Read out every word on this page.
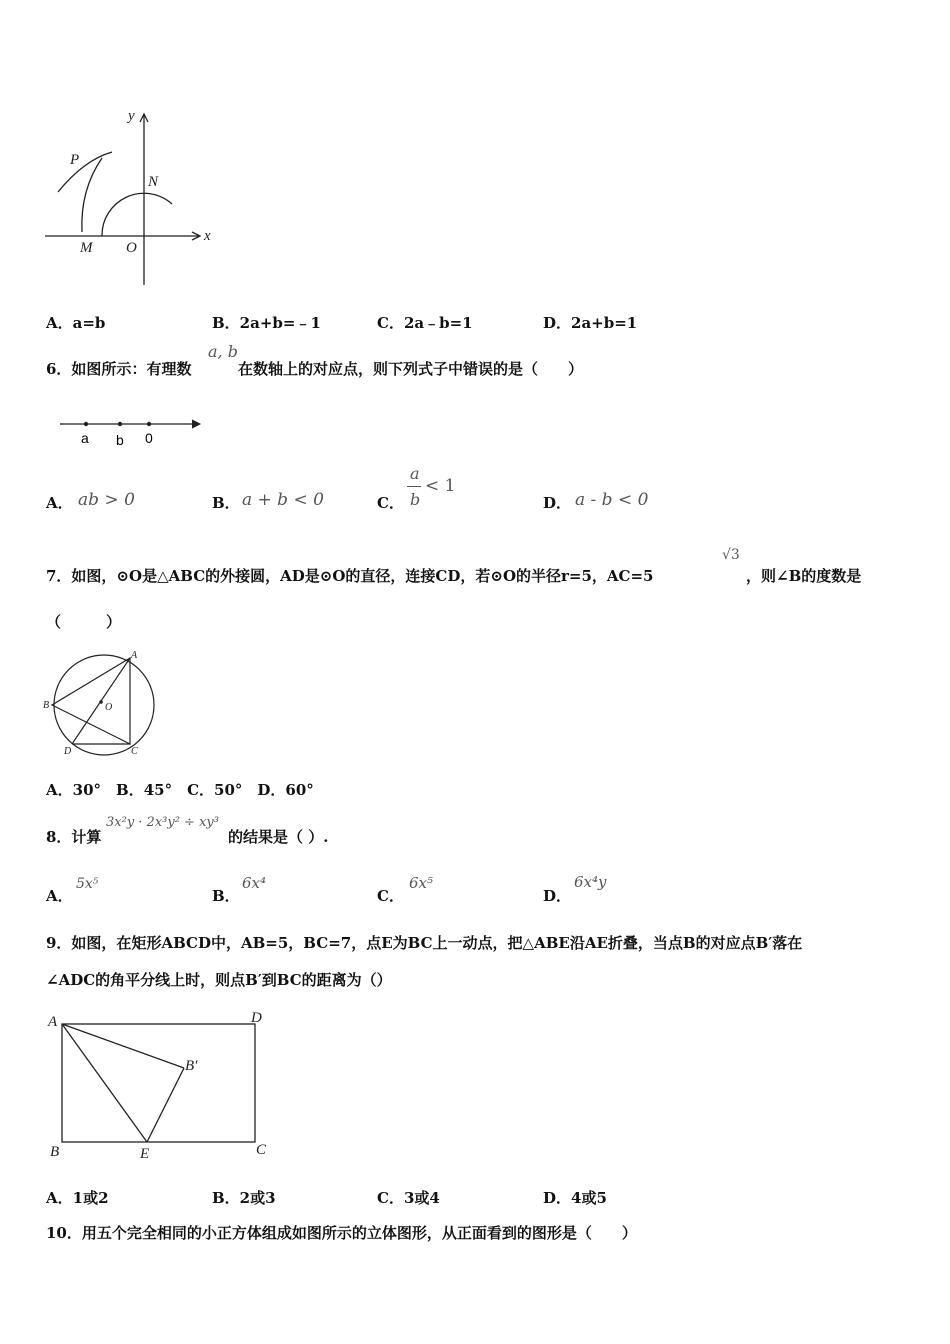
y
x
P
N
M O
A．a=b	B．2a+b=﹣1	C．2a﹣b=1	D．2a+b=1
6．如图所示：有理数
a, b
在数轴上的对应点，则下列式子中错误的是（　　）
a b 0
A． ab > 0	B． a + b < 0	C．
a
b
< 1
D． a - b < 0
7．如图，⊙O是△ABC的外接圆，AD是⊙O的直径，连接CD，若⊙O的半径r=5，AC=5
√3
，则∠B的度数是
（　　　）
A
B
C
D
O
A．30°　B．45°　C．50°　D．60°
8．计算
3x²y · 2x³y² ÷ xy³
的结果是（ ）.
A．
5x⁵
B．
6x⁴
C．
6x⁵
D．
6x⁴y
9．如图，在矩形ABCD中，AB=5，BC=7，点E为BC上一动点，把△ABE沿AE折叠，当点B的对应点B′落在
∠ADC的角平分线上时，则点B′到BC的距离为（）
A	D
B	C
E
B′
A．1或2	B．2或3	C．3或4	D．4或5
10．用五个完全相同的小正方体组成如图所示的立体图形，从正面看到的图形是（　　）
